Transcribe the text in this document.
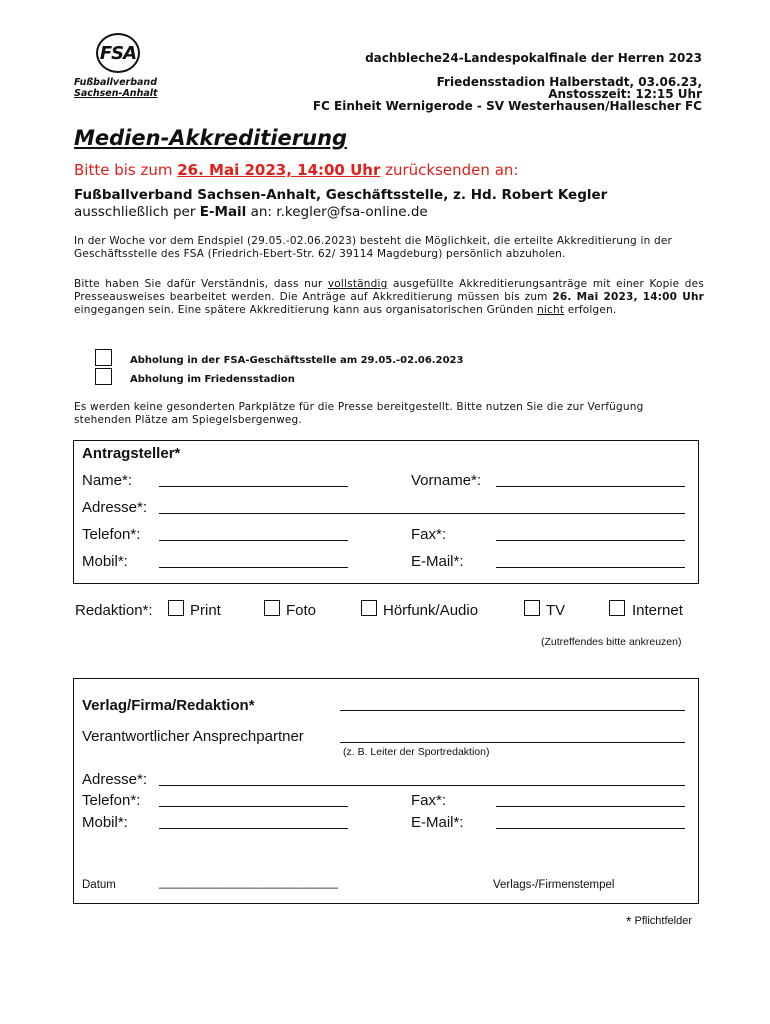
FSA
Fußballverband
Sachsen-Anhalt
dachbleche24-Landespokalfinale der Herren 2023
Friedensstadion Halberstadt, 03.06.23,
Anstosszeit: 12:15 Uhr
FC Einheit Wernigerode - SV Westerhausen/Hallescher FC
Medien-Akkreditierung
Bitte bis zum 26. Mai 2023, 14:00 Uhr zurücksenden an:
Fußballverband Sachsen-Anhalt, Geschäftsstelle, z. Hd. Robert Kegler
ausschließlich per E-Mail an: r.kegler@fsa-online.de
In der Woche vor dem Endspiel (29.05.-02.06.2023) besteht die Möglichkeit, die erteilte Akkreditierung in der Geschäftsstelle des FSA (Friedrich-Ebert-Str. 62/ 39114 Magdeburg) persönlich abzuholen.
Bitte haben Sie dafür Verständnis, dass nur vollständig ausgefüllte Akkreditierungsanträge mit einer Kopie des Presseausweises bearbeitet werden. Die Anträge auf Akkreditierung müssen bis zum 26. Mai 2023, 14:00 Uhr eingegangen sein. Eine spätere Akkreditierung kann aus organisatorischen Gründen nicht erfolgen.
Abholung in der FSA-Geschäftsstelle am 29.05.-02.06.2023
Abholung im Friedensstadion
Es werden keine gesonderten Parkplätze für die Presse bereitgestellt. Bitte nutzen Sie die zur Verfügung stehenden Plätze am Spiegelsbergenweg.
Antragsteller*
Name*:	Vorname*:
Adresse*:
Telefon*:	Fax*:
Mobil*:	E-Mail*:
Redaktion*: Print	Foto	Hörfunk/Audio	TV	Internet
(Zutreffendes bitte ankreuzen)
Verlag/Firma/Redaktion*
Verantwortlicher Ansprechpartner
(z. B. Leiter der Sportredaktion)
Adresse*:
Telefon*:	Fax*:
Mobil*:	E-Mail*:
Datum	____________________________	Verlags-/Firmenstempel
* Pflichtfelder
